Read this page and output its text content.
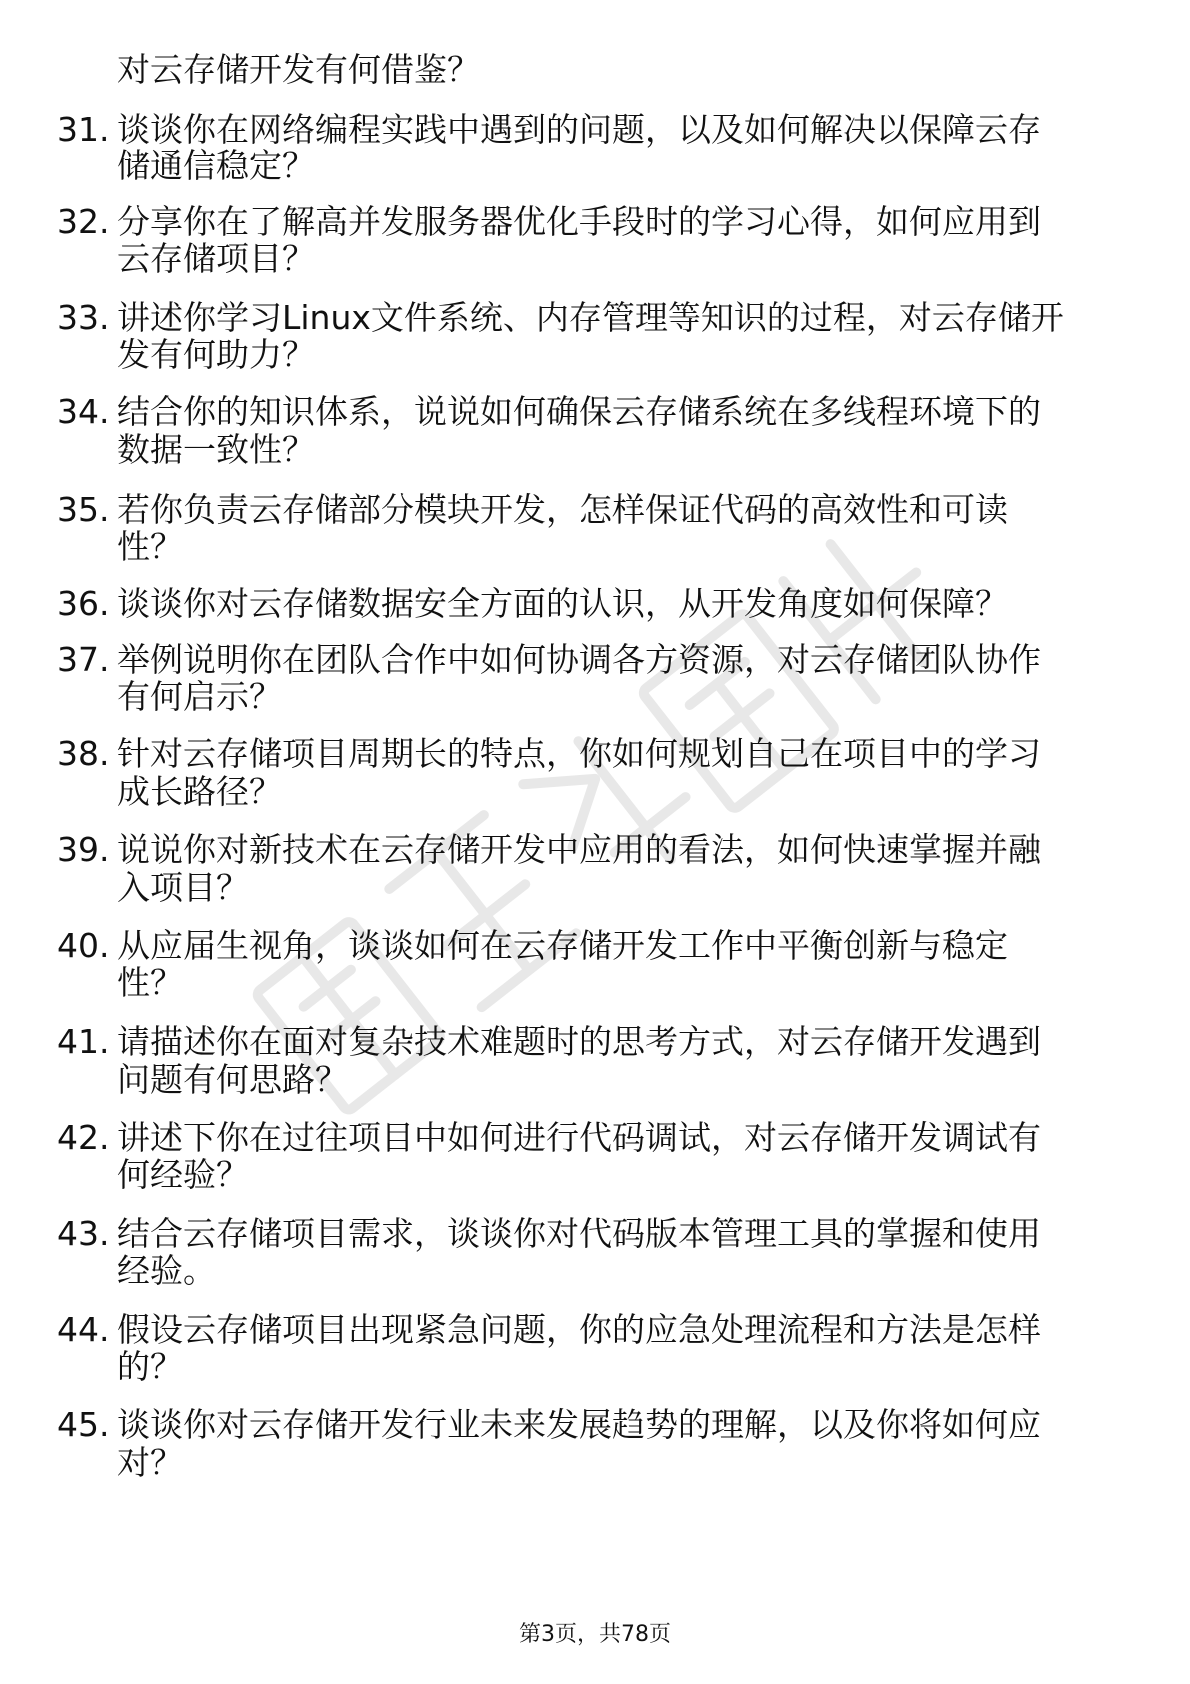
对云存储开发有何借鉴？
31. 谈谈你在网络编程实践中遇到的问题，以及如何解决以保障云存
储通信稳定？
32. 分享你在了解高并发服务器优化手段时的学习心得，如何应用到
云存储项目？
33. 讲述你学习Linux文件系统、内存管理等知识的过程，对云存储开
发有何助力？
34. 结合你的知识体系，说说如何确保云存储系统在多线程环境下的
数据一致性？
35. 若你负责云存储部分模块开发，怎样保证代码的高效性和可读
性？
36. 谈谈你对云存储数据安全方面的认识，从开发角度如何保障？
37. 举例说明你在团队合作中如何协调各方资源，对云存储团队协作
有何启示？
38. 针对云存储项目周期长的特点，你如何规划自己在项目中的学习
成长路径？
39. 说说你对新技术在云存储开发中应用的看法，如何快速掌握并融
入项目？
40. 从应届生视角，谈谈如何在云存储开发工作中平衡创新与稳定
性？
41. 请描述你在面对复杂技术难题时的思考方式，对云存储开发遇到
问题有何思路？
42. 讲述下你在过往项目中如何进行代码调试，对云存储开发调试有
何经验？
43. 结合云存储项目需求，谈谈你对代码版本管理工具的掌握和使用
经验。
44. 假设云存储项目出现紧急问题，你的应急处理流程和方法是怎样
的？
45. 谈谈你对云存储开发行业未来发展趋势的理解，以及你将如何应
对？
第3页，共78页
